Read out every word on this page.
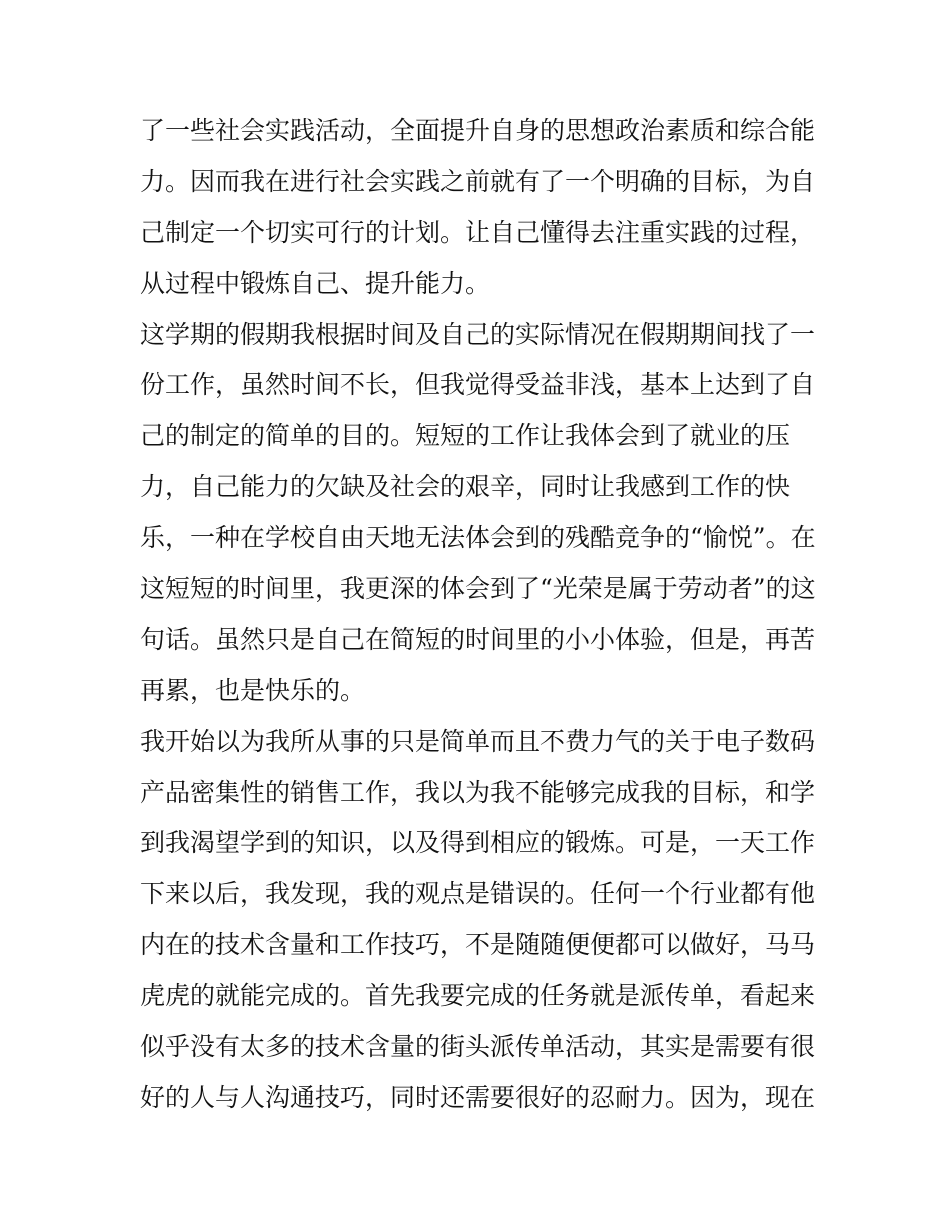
了一些社会实践活动，全面提升自身的思想政治素质和综合能
力。因而我在进行社会实践之前就有了一个明确的目标，为自
己制定一个切实可行的计划。让自己懂得去注重实践的过程，
从过程中锻炼自己、提升能力。
这学期的假期我根据时间及自己的实际情况在假期期间找了一
份工作，虽然时间不长，但我觉得受益非浅，基本上达到了自
己的制定的简单的目的。短短的工作让我体会到了就业的压
力，自己能力的欠缺及社会的艰辛，同时让我感到工作的快
乐，一种在学校自由天地无法体会到的残酷竞争的“愉悦”。在
这短短的时间里，我更深的体会到了“光荣是属于劳动者”的这
句话。虽然只是自己在简短的时间里的小小体验，但是，再苦
再累，也是快乐的。
我开始以为我所从事的只是简单而且不费力气的关于电子数码
产品密集性的销售工作，我以为我不能够完成我的目标，和学
到我渴望学到的知识，以及得到相应的锻炼。可是，一天工作
下来以后，我发现，我的观点是错误的。任何一个行业都有他
内在的技术含量和工作技巧，不是随随便便都可以做好，马马
虎虎的就能完成的。首先我要完成的任务就是派传单，看起来
似乎没有太多的技术含量的街头派传单活动，其实是需要有很
好的人与人沟通技巧，同时还需要很好的忍耐力。因为，现在
